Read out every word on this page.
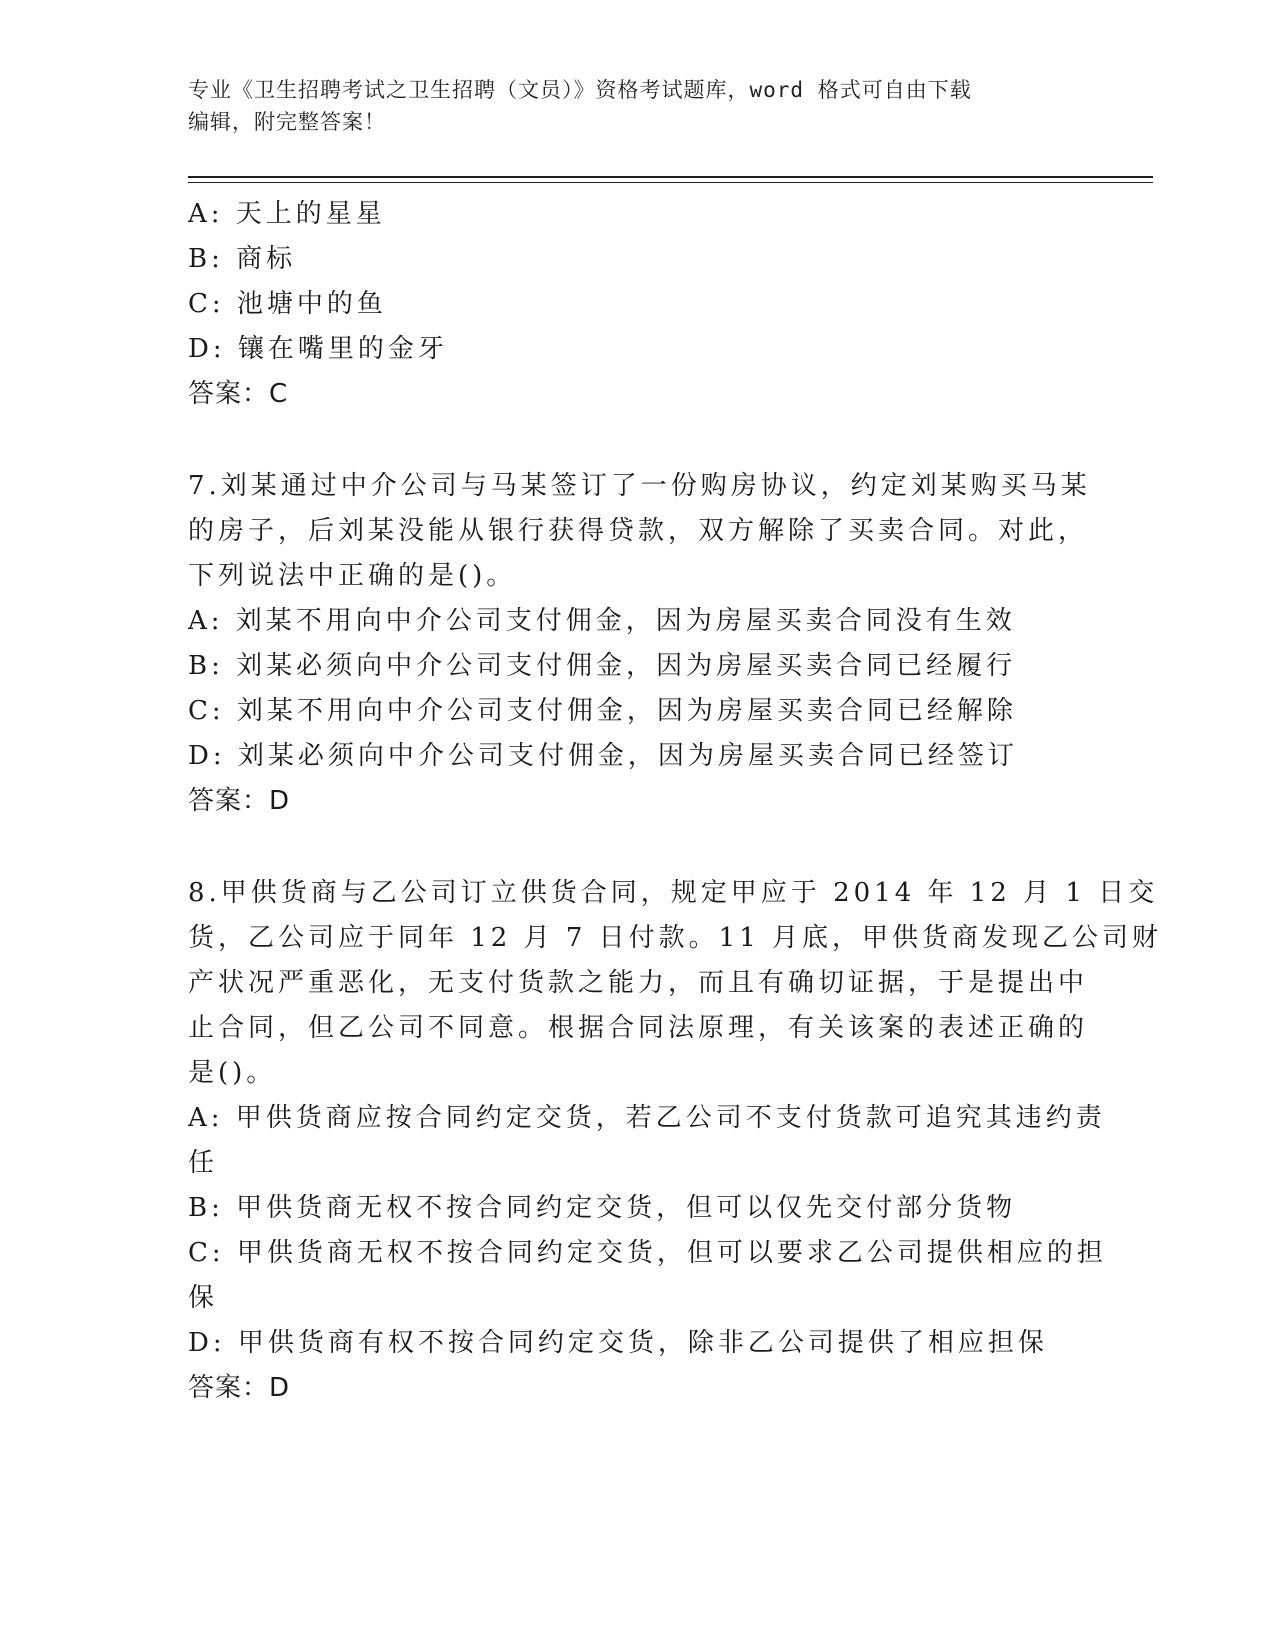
专业《卫生招聘考试之卫生招聘（文员）》资格考试题库，word 格式可自由下载
编辑，附完整答案！
A: 天上的星星
B: 商标
C: 池塘中的鱼
D: 镶在嘴里的金牙
答案：C
7.刘某通过中介公司与马某签订了一份购房协议，约定刘某购买马某
的房子，后刘某没能从银行获得贷款，双方解除了买卖合同。对此，
下列说法中正确的是()。
A: 刘某不用向中介公司支付佣金，因为房屋买卖合同没有生效
B: 刘某必须向中介公司支付佣金，因为房屋买卖合同已经履行
C: 刘某不用向中介公司支付佣金，因为房屋买卖合同已经解除
D: 刘某必须向中介公司支付佣金，因为房屋买卖合同已经签订
答案：D
8.甲供货商与乙公司订立供货合同，规定甲应于 2014 年 12 月 1 日交
货，乙公司应于同年 12 月 7 日付款。11 月底，甲供货商发现乙公司财
产状况严重恶化，无支付货款之能力，而且有确切证据，于是提出中
止合同，但乙公司不同意。根据合同法原理，有关该案的表述正确的
是()。
A: 甲供货商应按合同约定交货，若乙公司不支付货款可追究其违约责
任
B: 甲供货商无权不按合同约定交货，但可以仅先交付部分货物
C: 甲供货商无权不按合同约定交货，但可以要求乙公司提供相应的担
保
D: 甲供货商有权不按合同约定交货，除非乙公司提供了相应担保
答案：D
